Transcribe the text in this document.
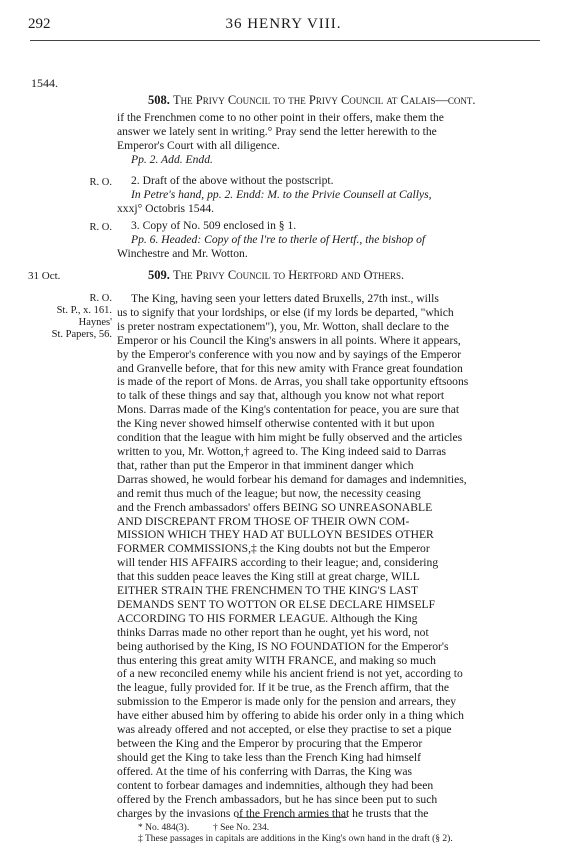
292	36 HENRY VIII.
1544.
508. The Privy Council to the Privy Council at Calais—cont.
if the Frenchmen come to no other point in their offers, make them the
answer we lately sent in writing.° Pray send the letter herewith to the
Emperor's Court with all diligence.
Pp. 2. Add. Endd.
R. O.	2. Draft of the above without the postscript.
In Petre's hand, pp. 2. Endd: M. to the Privie Counsell at Callys,
xxxj° Octobris 1544.
R. O.	3. Copy of No. 509 enclosed in § 1.
Pp. 6. Headed: Copy of the l're to therle of Hertf., the bishop of
Winchestre and Mr. Wotton.
31 Oct.	509. The Privy Council to Hertford and Others.
R. O.
St. P., x. 161.
Haynes'
St. Papers, 56.
The King, having seen your letters dated Bruxells, 27th inst., wills
us to signify that your lordships, or else (if my lords be departed, "which
is preter nostram expectationem"), you, Mr. Wotton, shall declare to the
Emperor or his Council the King's answers in all points. Where it appears,
by the Emperor's conference with you now and by sayings of the Emperor
and Granvelle before, that for this new amity with France great foundation
is made of the report of Mons. de Arras, you shall take opportunity eftsoons
to talk of these things and say that, although you know not what report
Mons. Darras made of the King's contentation for peace, you are sure that
the King never showed himself otherwise contented with it but upon
condition that the league with him might be fully observed and the articles
written to you, Mr. Wotton,† agreed to. The King indeed said to Darras
that, rather than put the Emperor in that imminent danger which
Darras showed, he would forbear his demand for damages and indemnities,
and remit thus much of the league; but now, the necessity ceasing
and the French ambassadors' offers BEING SO UNREASONABLE
AND DISCREPANT FROM THOSE OF THEIR OWN COM-
MISSION WHICH THEY HAD AT BULLOYN BESIDES OTHER
FORMER COMMISSIONS,‡ the King doubts not but the Emperor
will tender HIS AFFAIRS according to their league; and, considering
that this sudden peace leaves the King still at great charge, WILL
EITHER STRAIN THE FRENCHMEN TO THE KING'S LAST
DEMANDS SENT TO WOTTON OR ELSE DECLARE HIMSELF
ACCORDING TO HIS FORMER LEAGUE. Although the King
thinks Darras made no other report than he ought, yet his word, not
being authorised by the King, IS NO FOUNDATION for the Emperor's
thus entering this great amity WITH FRANCE, and making so much
of a new reconciled enemy while his ancient friend is not yet, according to
the league, fully provided for. If it be true, as the French affirm, that the
submission to the Emperor is made only for the pension and arrears, they
have either abused him by offering to abide his order only in a thing which
was already offered and not accepted, or else they practise to set a pique
between the King and the Emperor by procuring that the Emperor
should get the King to take less than the French King had himself
offered. At the time of his conferring with Darras, the King was
content to forbear damages and indemnities, although they had been
offered by the French ambassadors, but he has since been put to such
charges by the invasions of the French armies that he trusts that the
* No. 484(3).          † See No. 234.
‡ These passages in capitals are additions in the King's own hand in the draft (§ 2).
